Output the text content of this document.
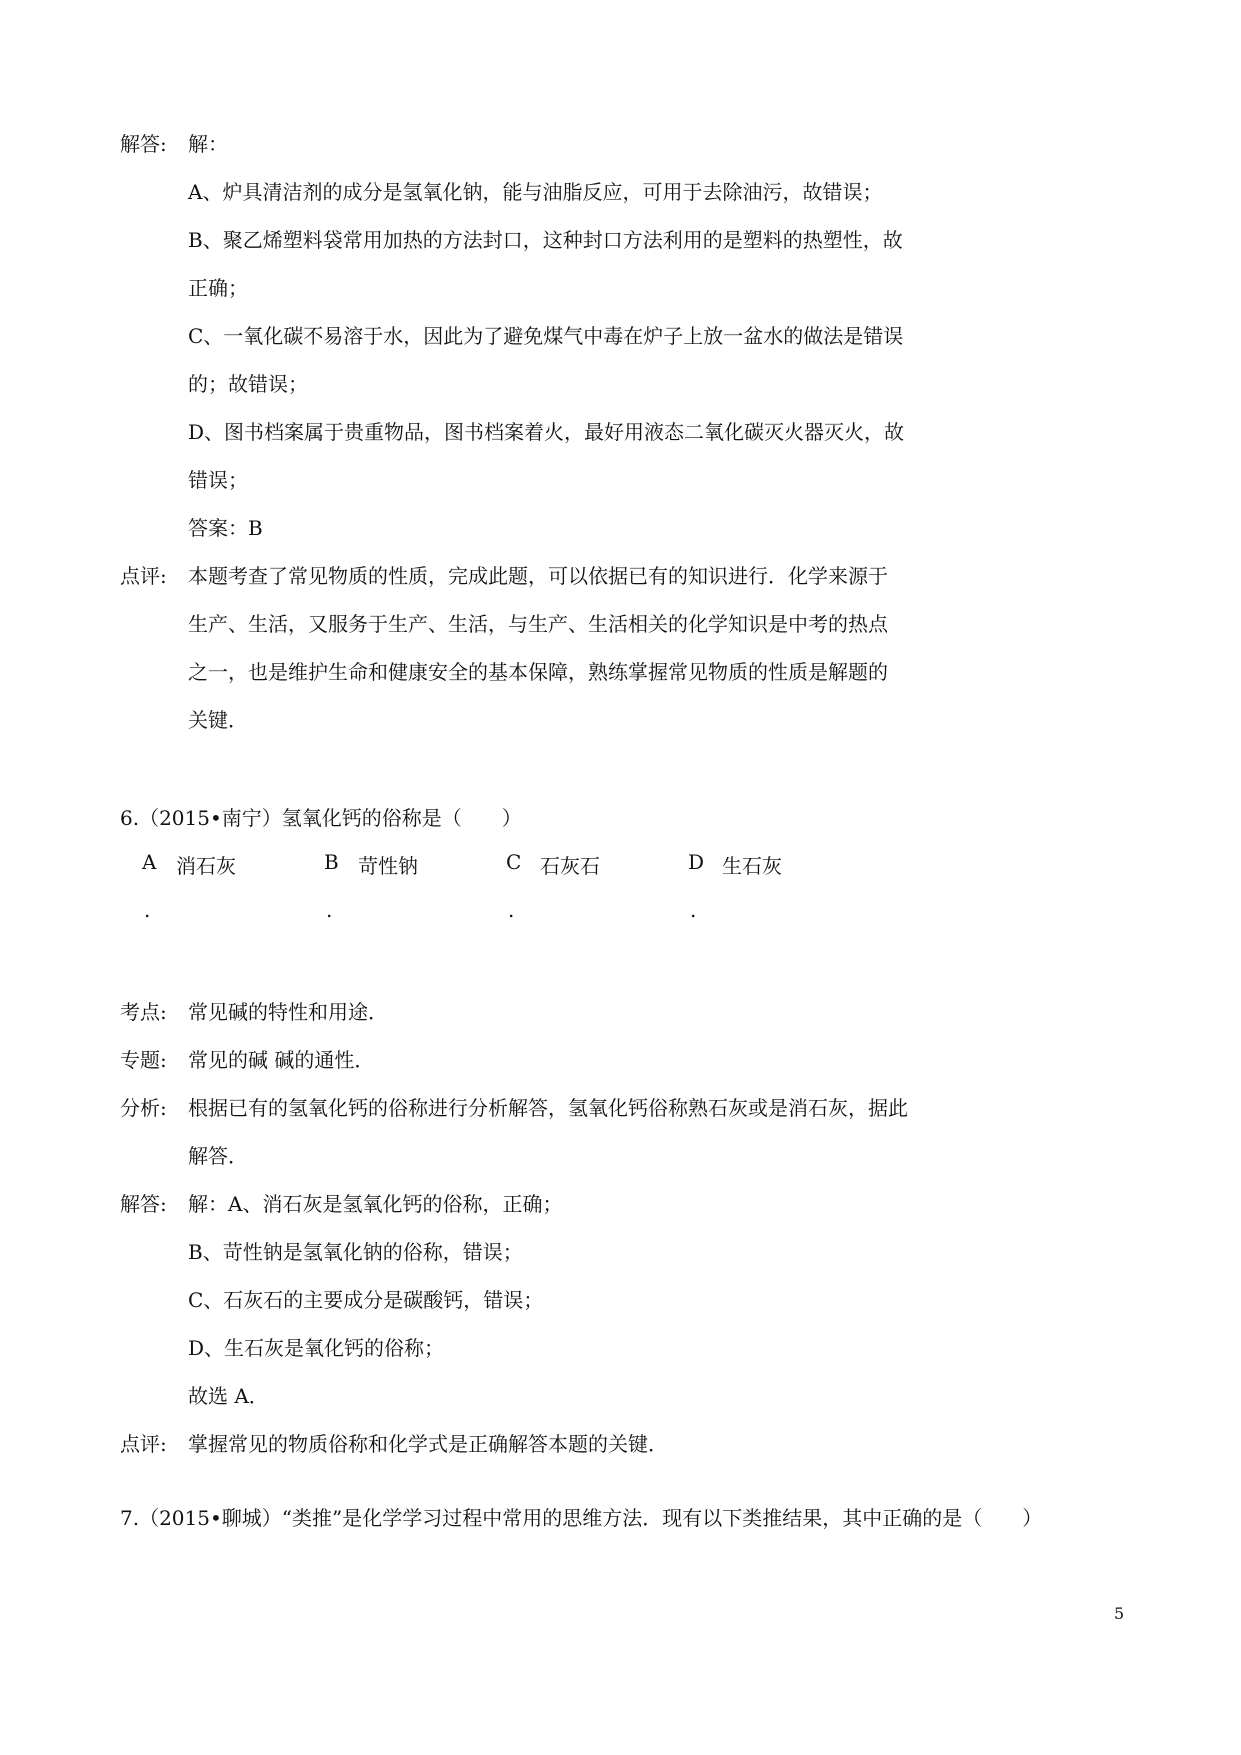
解答: 解：
A、炉具清洁剂的成分是氢氧化钠，能与油脂反应，可用于去除油污，故错误；
B、聚乙烯塑料袋常用加热的方法封口，这种封口方法利用的是塑料的热塑性，故
正确；
C、一氧化碳不易溶于水，因此为了避免煤气中毒在炉子上放一盆水的做法是错误
的；故错误；
D、图书档案属于贵重物品，图书档案着火，最好用液态二氧化碳灭火器灭火，故
错误；
答案：B
点评: 本题考查了常见物质的性质，完成此题，可以依据已有的知识进行．化学来源于
生产、生活，又服务于生产、生活，与生产、生活相关的化学知识是中考的热点
之一，也是维护生命和健康安全的基本保障，熟练掌握常见物质的性质是解题的
关键．
6.（2015•南宁）氢氧化钙的俗称是（　　）
A 消石灰	B 苛性钠	C 石灰石	D 生石灰
.	.	.	.
考点: 常见碱的特性和用途．
专题: 常见的碱 碱的通性．
分析: 根据已有的氢氧化钙的俗称进行分析解答，氢氧化钙俗称熟石灰或是消石灰，据此
解答．
解答: 解：A、消石灰是氢氧化钙的俗称，正确；
B、苛性钠是氢氧化钠的俗称，错误；
C、石灰石的主要成分是碳酸钙，错误；
D、生石灰是氧化钙的俗称；
故选 A．
点评: 掌握常见的物质俗称和化学式是正确解答本题的关键．
7.（2015•聊城）“类推”是化学学习过程中常用的思维方法．现有以下类推结果，其中正确的是（　　）
5
